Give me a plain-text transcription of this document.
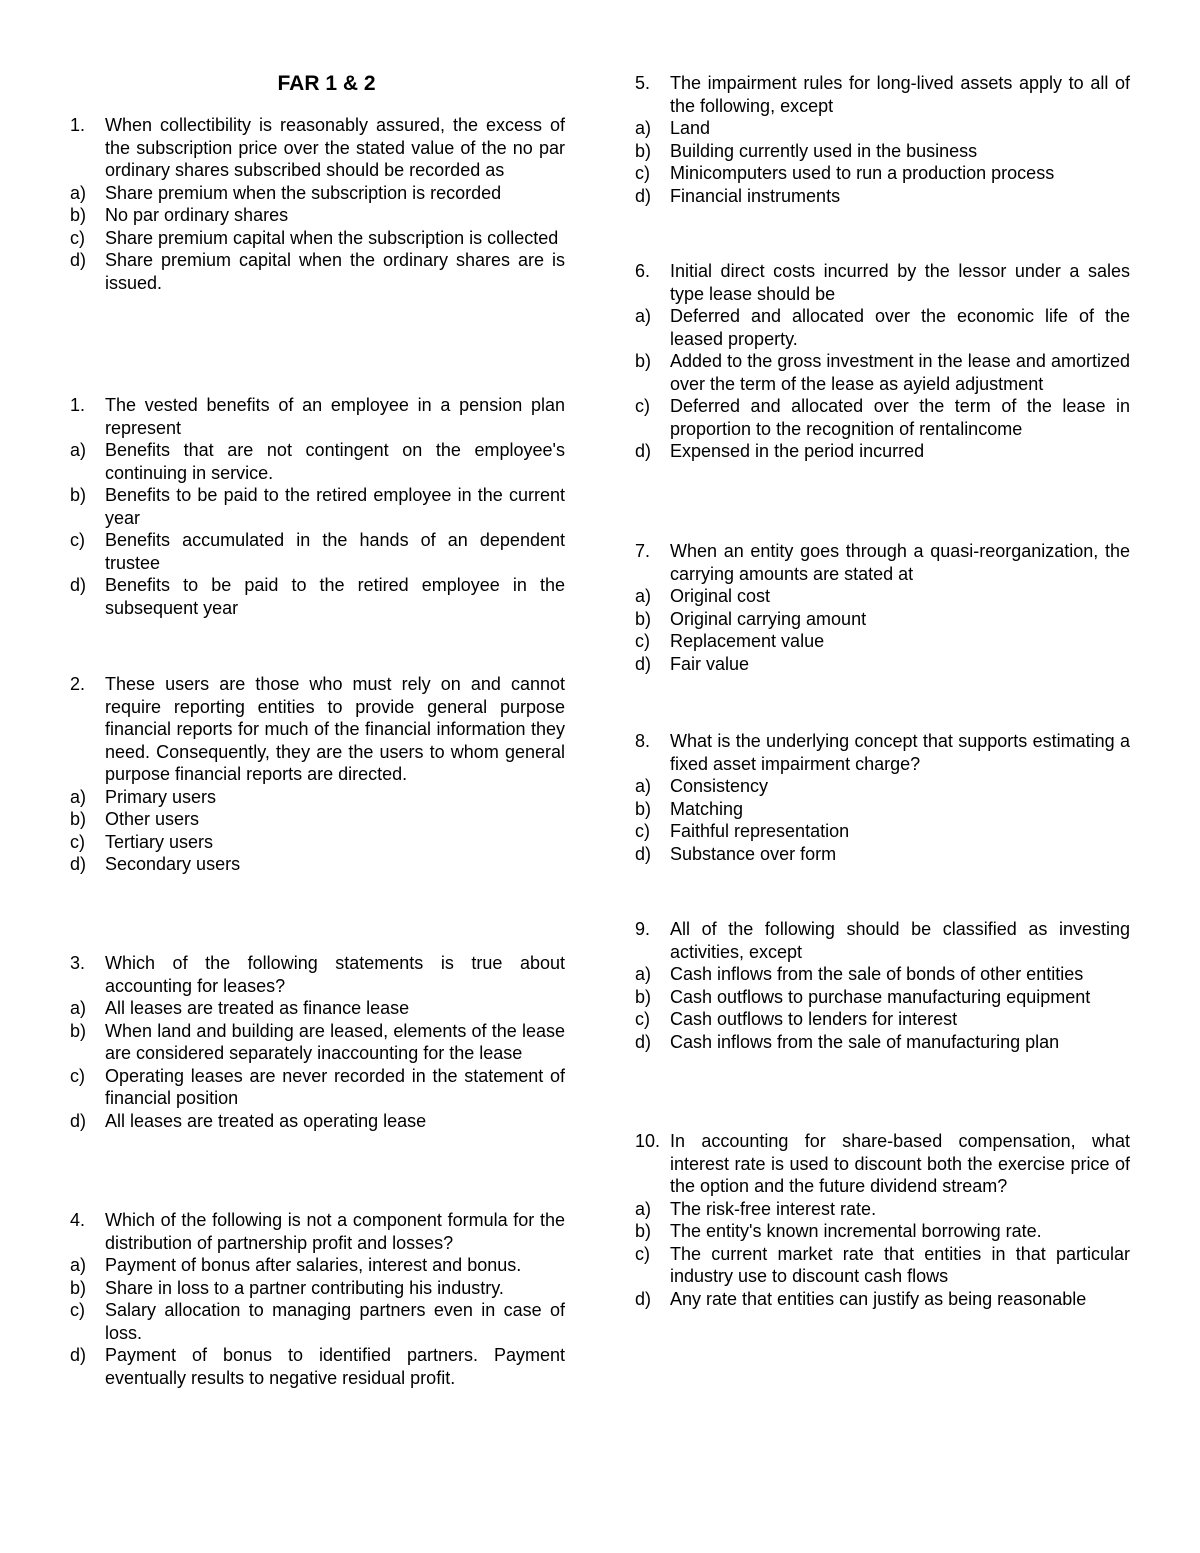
FAR 1 & 2
1.	When collectibility is reasonably assured, the excess of the subscription price over the stated value of the no par ordinary shares subscribed should be recorded as
a)	Share premium when the subscription is recorded
b)	No par ordinary shares
c)	Share premium capital when the subscription is collected
d)	Share premium capital when the ordinary shares are is issued.
1.	The vested benefits of an employee in a pension plan represent
a)	Benefits that are not contingent on the employee's continuing in service.
b)	Benefits to be paid to the retired employee in the current year
c)	Benefits accumulated in the hands of an dependent trustee
d)	Benefits to be paid to the retired employee in the subsequent year
2.	These users are those who must rely on and cannot require reporting entities to provide general purpose financial reports for much of the financial information they need. Consequently, they are the users to whom general purpose financial reports are directed.
a)	Primary users
b)	Other users
c)	Tertiary users
d)	Secondary users
3.	Which of the following statements is true about accounting for leases?
a)	All leases are treated as finance lease
b)	When land and building are leased, elements of the lease are considered separately inaccounting for the lease
c)	Operating leases are never recorded in the statement of financial position
d)	All leases are treated as operating lease
4.	Which of the following is not a component formula for the distribution of partnership profit and losses?
a)	Payment of bonus after salaries, interest and bonus.
b)	Share in loss to a partner contributing his industry.
c)	Salary allocation to managing partners even in case of loss.
d)	Payment of bonus to identified partners. Payment eventually results to negative residual profit.
5.	The impairment rules for long-lived assets apply to all of the following, except
a)	Land
b)	Building currently used in the business
c)	Minicomputers used to run a production process
d)	Financial instruments
6.	Initial direct costs incurred by the lessor under a sales type lease should be
a)	Deferred and allocated over the economic life of the leased property.
b)	Added to the gross investment in the lease and amortized over the term of the lease as ayield adjustment
c)	Deferred and allocated over the term of the lease in proportion to the recognition of rentalincome
d)	Expensed in the period incurred
7.	When an entity goes through a quasi-reorganization, the carrying amounts are stated at
a)	Original cost
b)	Original carrying amount
c)	Replacement value
d)	Fair value
8.	What is the underlying concept that supports estimating a fixed asset impairment charge?
a)	Consistency
b)	Matching
c)	Faithful representation
d)	Substance over form
9.	All of the following should be classified as investing activities, except
a)	Cash inflows from the sale of bonds of other entities
b)	Cash outflows to purchase manufacturing equipment
c)	Cash outflows to lenders for interest
d)	Cash inflows from the sale of manufacturing plan
10. In accounting for share-based compensation, what interest rate is used to discount both the exercise price of the option and the future dividend stream?
a)	The risk-free interest rate.
b)	The entity's known incremental borrowing rate.
c)	The current market rate that entities in that particular industry use to discount cash flows
d)	Any rate that entities can justify as being reasonable
